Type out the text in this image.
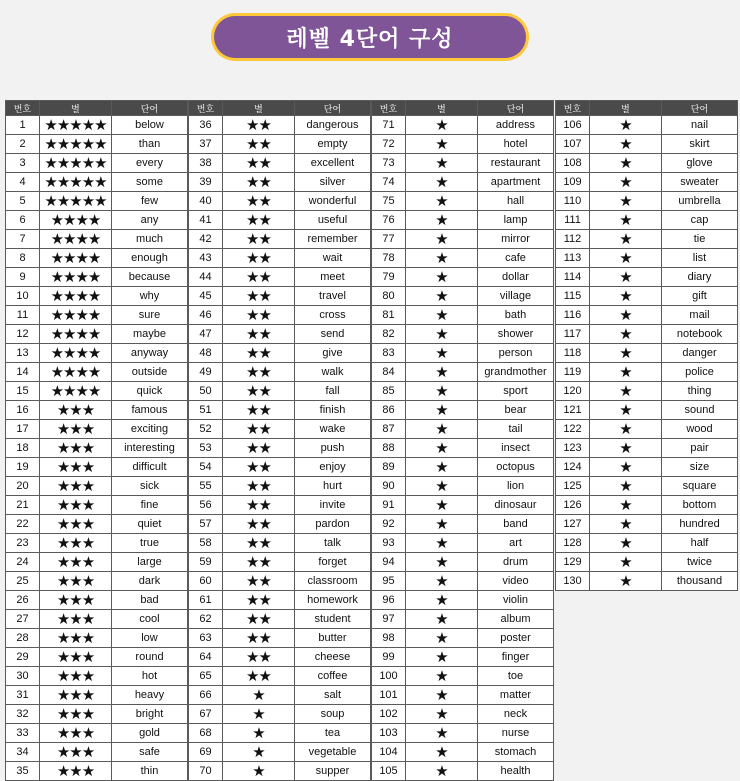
레벨 4단어 구성
번호	별	단어
1	★★★★★	below
2	★★★★★	than
3	★★★★★	every
4	★★★★★	some
5	★★★★★	few
6	★★★★	any
7	★★★★	much
8	★★★★	enough
9	★★★★	because
10	★★★★	why
11	★★★★	sure
12	★★★★	maybe
13	★★★★	anyway
14	★★★★	outside
15	★★★★	quick
16	★★★	famous
17	★★★	exciting
18	★★★	interesting
19	★★★	difficult
20	★★★	sick
21	★★★	fine
22	★★★	quiet
23	★★★	true
24	★★★	large
25	★★★	dark
26	★★★	bad
27	★★★	cool
28	★★★	low
29	★★★	round
30	★★★	hot
31	★★★	heavy
32	★★★	bright
33	★★★	gold
34	★★★	safe
35	★★★	thin
번호	별	단어
36	★★	dangerous
37	★★	empty
38	★★	excellent
39	★★	silver
40	★★	wonderful
41	★★	useful
42	★★	remember
43	★★	wait
44	★★	meet
45	★★	travel
46	★★	cross
47	★★	send
48	★★	give
49	★★	walk
50	★★	fall
51	★★	finish
52	★★	wake
53	★★	push
54	★★	enjoy
55	★★	hurt
56	★★	invite
57	★★	pardon
58	★★	talk
59	★★	forget
60	★★	classroom
61	★★	homework
62	★★	student
63	★★	butter
64	★★	cheese
65	★★	coffee
66	★	salt
67	★	soup
68	★	tea
69	★	vegetable
70	★	supper
번호	별	단어
71	★	address
72	★	hotel
73	★	restaurant
74	★	apartment
75	★	hall
76	★	lamp
77	★	mirror
78	★	cafe
79	★	dollar
80	★	village
81	★	bath
82	★	shower
83	★	person
84	★	grandmother
85	★	sport
86	★	bear
87	★	tail
88	★	insect
89	★	octopus
90	★	lion
91	★	dinosaur
92	★	band
93	★	art
94	★	drum
95	★	video
96	★	violin
97	★	album
98	★	poster
99	★	finger
100	★	toe
101	★	matter
102	★	neck
103	★	nurse
104	★	stomach
105	★	health
번호	별	단어
106	★	nail
107	★	skirt
108	★	glove
109	★	sweater
110	★	umbrella
111	★	cap
112	★	tie
113	★	list
114	★	diary
115	★	gift
116	★	mail
117	★	notebook
118	★	danger
119	★	police
120	★	thing
121	★	sound
122	★	wood
123	★	pair
124	★	size
125	★	square
126	★	bottom
127	★	hundred
128	★	half
129	★	twice
130	★	thousand
